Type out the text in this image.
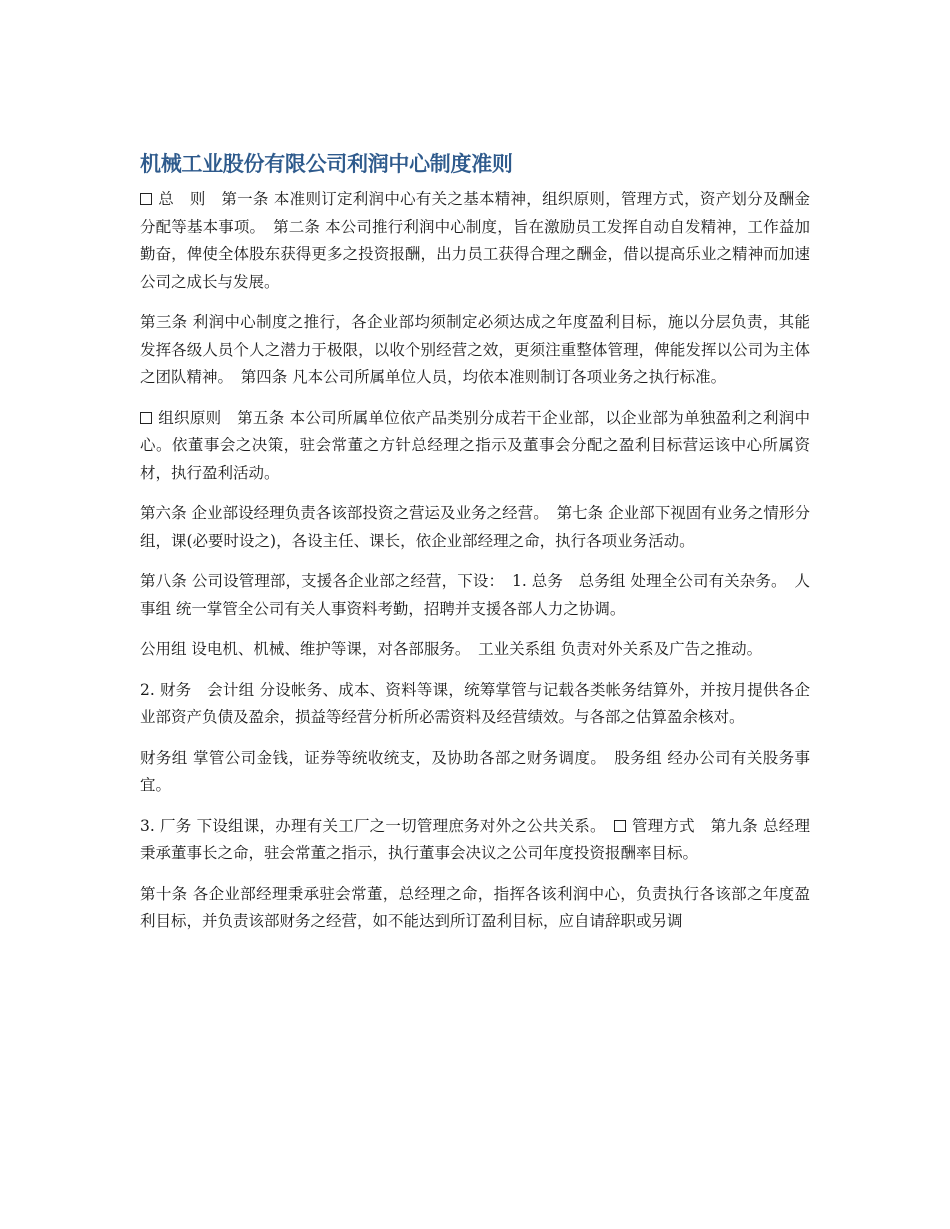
机械工业股份有限公司利润中心制度准则

总　则　第一条 本准则订定利润中心有关之基本精神，组织原则，管理方式，资产划分及酬金分配等基本事项。　第二条 本公司推行利润中心制度，旨在激励员工发挥自动自发精神，工作益加勤奋，俾使全体股东获得更多之投资报酬，出力员工获得合理之酬金，借以提高乐业之精神而加速公司之成长与发展。

第三条 利润中心制度之推行，各企业部均须制定必须达成之年度盈利目标，施以分层负责，其能发挥各级人员个人之潜力于极限，以收个别经营之效，更须注重整体管理，俾能发挥以公司为主体之团队精神。　第四条 凡本公司所属单位人员，均依本准则制订各项业务之执行标准。

组织原则　第五条 本公司所属单位依产品类别分成若干企业部，以企业部为单独盈利之利润中心。依董事会之决策，驻会常董之方针总经理之指示及董事会分配之盈利目标营运该中心所属资材，执行盈利活动。

第六条 企业部设经理负责各该部投资之营运及业务之经营。　第七条 企业部下视固有业务之情形分组，课(必要时设之)，各设主任、课长，依企业部经理之命，执行各项业务活动。

第八条 公司设管理部，支援各企业部之经营，下设：　1. 总务　总务组 处理全公司有关杂务。　人事组 统一掌管全公司有关人事资料考勤，招聘并支援各部人力之协调。

公用组 设电机、机械、维护等课，对各部服务。　工业关系组 负责对外关系及广告之推动。

2. 财务　会计组 分设帐务、成本、资料等课，统筹掌管与记载各类帐务结算外，并按月提供各企业部资产负债及盈余，损益等经营分析所必需资料及经营绩效。与各部之估算盈余核对。

财务组 掌管公司金钱，证券等统收统支，及协助各部之财务调度。　股务组 经办公司有关股务事宜。

3. 厂务 下设组课，办理有关工厂之一切管理庶务对外之公共关系。　管理方式　第九条 总经理秉承董事长之命，驻会常董之指示，执行董事会决议之公司年度投资报酬率目标。

第十条 各企业部经理秉承驻会常董，总经理之命，指挥各该利润中心，负责执行各该部之年度盈利目标，并负责该部财务之经营，如不能达到所订盈利目标，应自请辞职或另调
